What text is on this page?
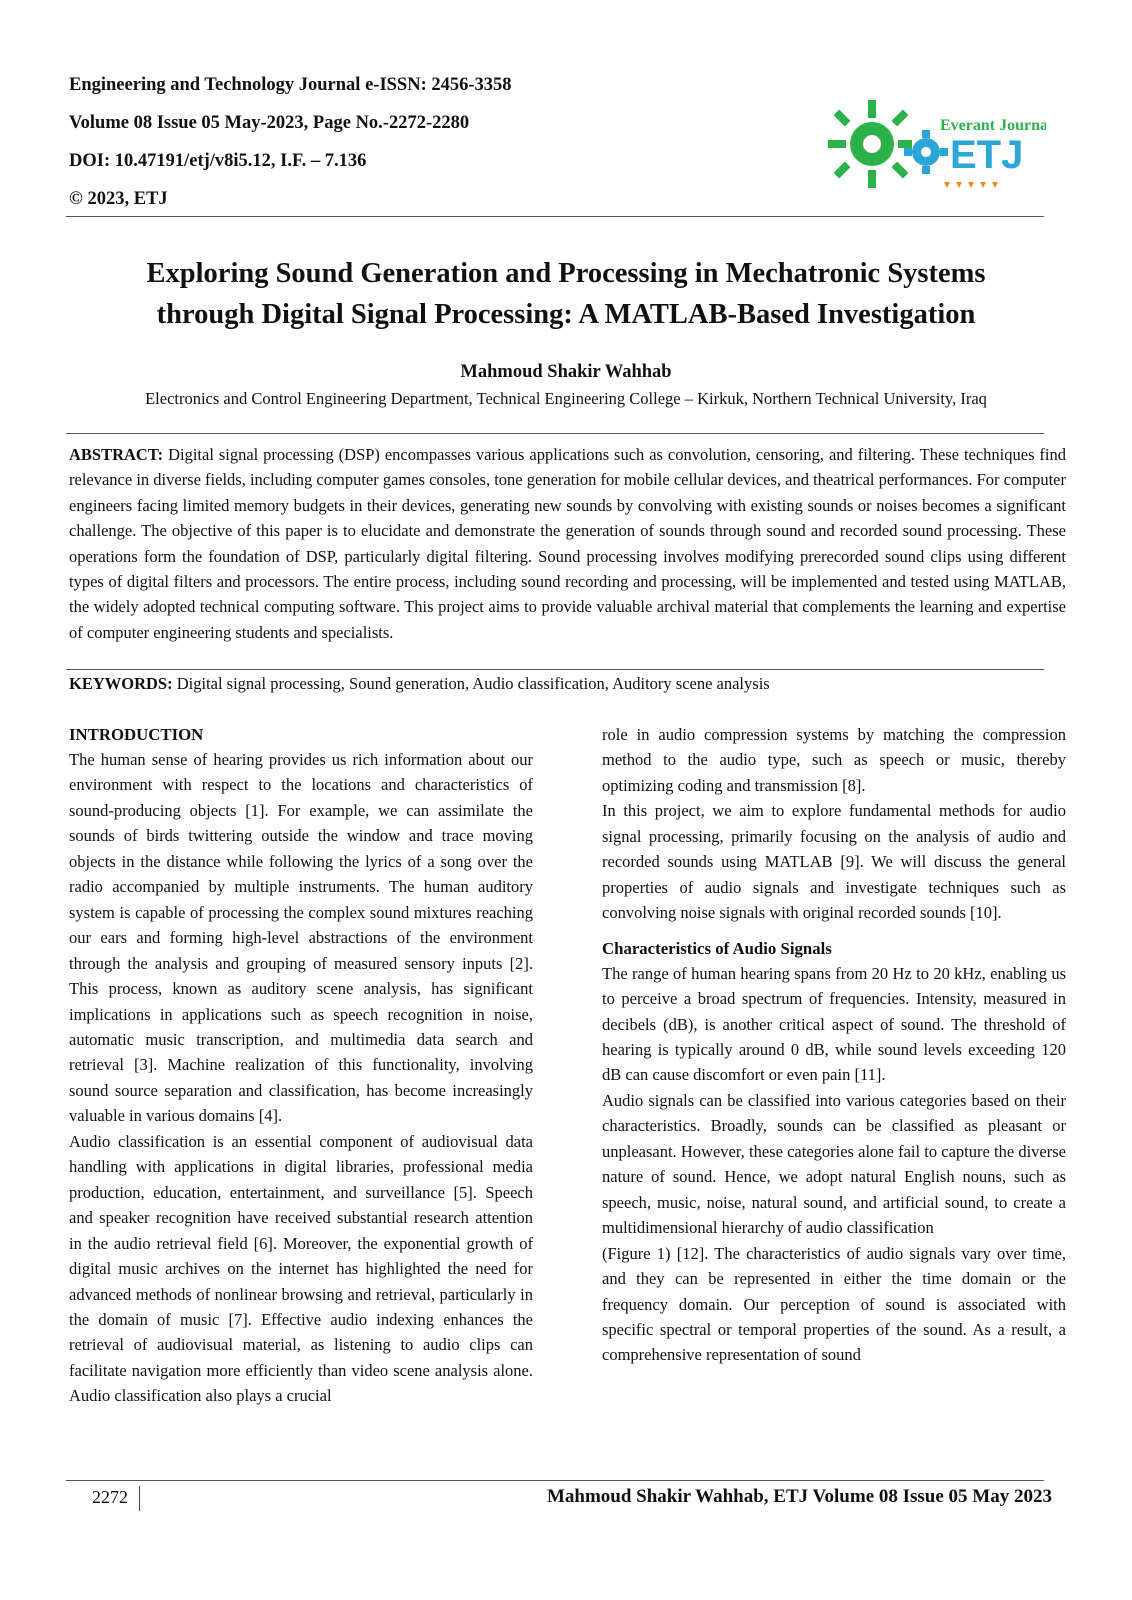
Engineering and Technology Journal e-ISSN: 2456-3358
Volume 08 Issue 05 May-2023, Page No.-2272-2280
DOI: 10.47191/etj/v8i5.12, I.F. – 7.136
© 2023, ETJ
Everant Journal
ETJ
Exploring Sound Generation and Processing in Mechatronic Systems
through Digital Signal Processing: A MATLAB-Based Investigation
Mahmoud Shakir Wahhab
Electronics and Control Engineering Department, Technical Engineering College – Kirkuk, Northern Technical University, Iraq
ABSTRACT: Digital signal processing (DSP) encompasses various applications such as convolution, censoring, and filtering. These techniques find relevance in diverse fields, including computer games consoles, tone generation for mobile cellular devices, and theatrical performances. For computer engineers facing limited memory budgets in their devices, generating new sounds by convolving with existing sounds or noises becomes a significant challenge. The objective of this paper is to elucidate and demonstrate the generation of sounds through sound and recorded sound processing. These operations form the foundation of DSP, particularly digital filtering. Sound processing involves modifying prerecorded sound clips using different types of digital filters and processors. The entire process, including sound recording and processing, will be implemented and tested using MATLAB, the widely adopted technical computing software. This project aims to provide valuable archival material that complements the learning and expertise of computer engineering students and specialists.
KEYWORDS: Digital signal processing, Sound generation, Audio classification, Auditory scene analysis

INTRODUCTION

The human sense of hearing provides us rich information about our environment with respect to the locations and characteristics of sound-producing objects [1]. For example, we can assimilate the sounds of birds twittering outside the window and trace moving objects in the distance while following the lyrics of a song over the radio accompanied by multiple instruments. The human auditory system is capable of processing the complex sound mixtures reaching our ears and forming high-level abstractions of the environment through the analysis and grouping of measured sensory inputs [2]. This process, known as auditory scene analysis, has significant implications in applications such as speech recognition in noise, automatic music transcription, and multimedia data search and retrieval [3]. Machine realization of this functionality, involving sound source separation and classification, has become increasingly valuable in various domains [4].

Audio classification is an essential component of audiovisual data handling with applications in digital libraries, professional media production, education, entertainment, and surveillance [5]. Speech and speaker recognition have received substantial research attention in the audio retrieval field [6]. Moreover, the exponential growth of digital music archives on the internet has highlighted the need for advanced methods of nonlinear browsing and retrieval, particularly in the domain of music [7]. Effective audio indexing enhances the retrieval of audiovisual material, as listening to audio clips can facilitate navigation more efficiently than video scene analysis alone. Audio classification also plays a crucial

role in audio compression systems by matching the compression method to the audio type, such as speech or music, thereby optimizing coding and transmission [8].

In this project, we aim to explore fundamental methods for audio signal processing, primarily focusing on the analysis of audio and recorded sounds using MATLAB [9]. We will discuss the general properties of audio signals and investigate techniques such as convolving noise signals with original recorded sounds [10].

Characteristics of Audio Signals

The range of human hearing spans from 20 Hz to 20 kHz, enabling us to perceive a broad spectrum of frequencies. Intensity, measured in decibels (dB), is another critical aspect of sound. The threshold of hearing is typically around 0 dB, while sound levels exceeding 120 dB can cause discomfort or even pain [11].

Audio signals can be classified into various categories based on their characteristics. Broadly, sounds can be classified as pleasant or unpleasant. However, these categories alone fail to capture the diverse nature of sound. Hence, we adopt natural English nouns, such as speech, music, noise, natural sound, and artificial sound, to create a multidimensional hierarchy of audio classification

(Figure 1) [12]. The characteristics of audio signals vary over time, and they can be represented in either the time domain or the frequency domain. Our perception of sound is associated with specific spectral or temporal properties of the sound. As a result, a comprehensive representation of sound

2272	Mahmoud Shakir Wahhab, ETJ Volume 08 Issue 05 May 2023
